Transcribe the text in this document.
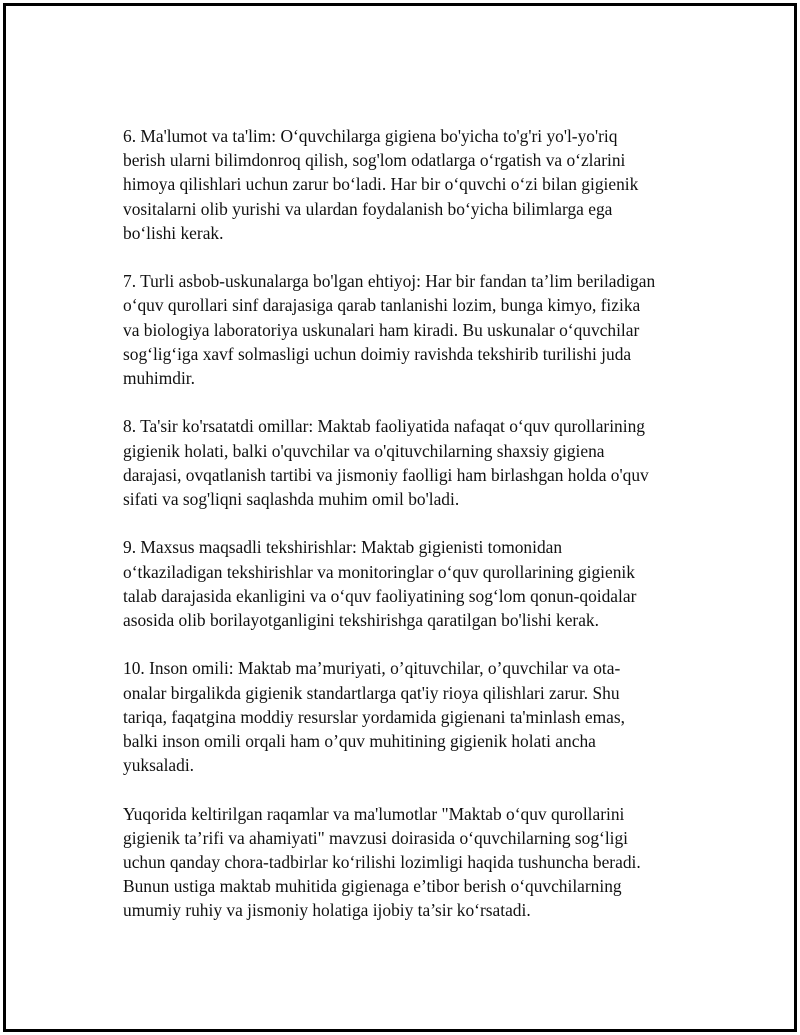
6. Ma'lumot va ta'lim: O‘quvchilarga gigiena bo'yicha to'g'ri yo'l-yo'riq
berish ularni bilimdonroq qilish, sog'lom odatlarga o‘rgatish va o‘zlarini
himoya qilishlari uchun zarur bo‘ladi. Har bir o‘quvchi o‘zi bilan gigienik
vositalarni olib yurishi va ulardan foydalanish bo‘yicha bilimlarga ega
bo‘lishi kerak.

7. Turli asbob-uskunalarga bo'lgan ehtiyoj: Har bir fandan ta’lim beriladigan
o‘quv qurollari sinf darajasiga qarab tanlanishi lozim, bunga kimyo, fizika
va biologiya laboratoriya uskunalari ham kiradi. Bu uskunalar o‘quvchilar
sog‘lig‘iga xavf solmasligi uchun doimiy ravishda tekshirib turilishi juda
muhimdir.

8. Ta'sir ko'rsatatdi omillar: Maktab faoliyatida nafaqat o‘quv qurollarining
gigienik holati, balki o'quvchilar va o'qituvchilarning shaxsiy gigiena
darajasi, ovqatlanish tartibi va jismoniy faolligi ham birlashgan holda o'quv
sifati va sog'liqni saqlashda muhim omil bo'ladi.

9. Maxsus maqsadli tekshirishlar: Maktab gigienisti tomonidan
o‘tkaziladigan tekshirishlar va monitoringlar o‘quv qurollarining gigienik
talab darajasida ekanligini va o‘quv faoliyatining sog‘lom qonun-qoidalar
asosida olib borilayotganligini tekshirishga qaratilgan bo'lishi kerak.

10. Inson omili: Maktab ma’muriyati, o’qituvchilar, o’quvchilar va ota-
onalar birgalikda gigienik standartlarga qat'iy rioya qilishlari zarur. Shu
tariqa, faqatgina moddiy resurslar yordamida gigienani ta'minlash emas,
balki inson omili orqali ham o’quv muhitining gigienik holati ancha
yuksaladi.

Yuqorida keltirilgan raqamlar va ma'lumotlar "Maktab o‘quv qurollarini
gigienik ta’rifi va ahamiyati" mavzusi doirasida o‘quvchilarning sog‘ligi
uchun qanday chora-tadbirlar ko‘rilishi lozimligi haqida tushuncha beradi.
Bunun ustiga maktab muhitida gigienaga e’tibor berish o‘quvchilarning
umumiy ruhiy va jismoniy holatiga ijobiy ta’sir ko‘rsatadi.
